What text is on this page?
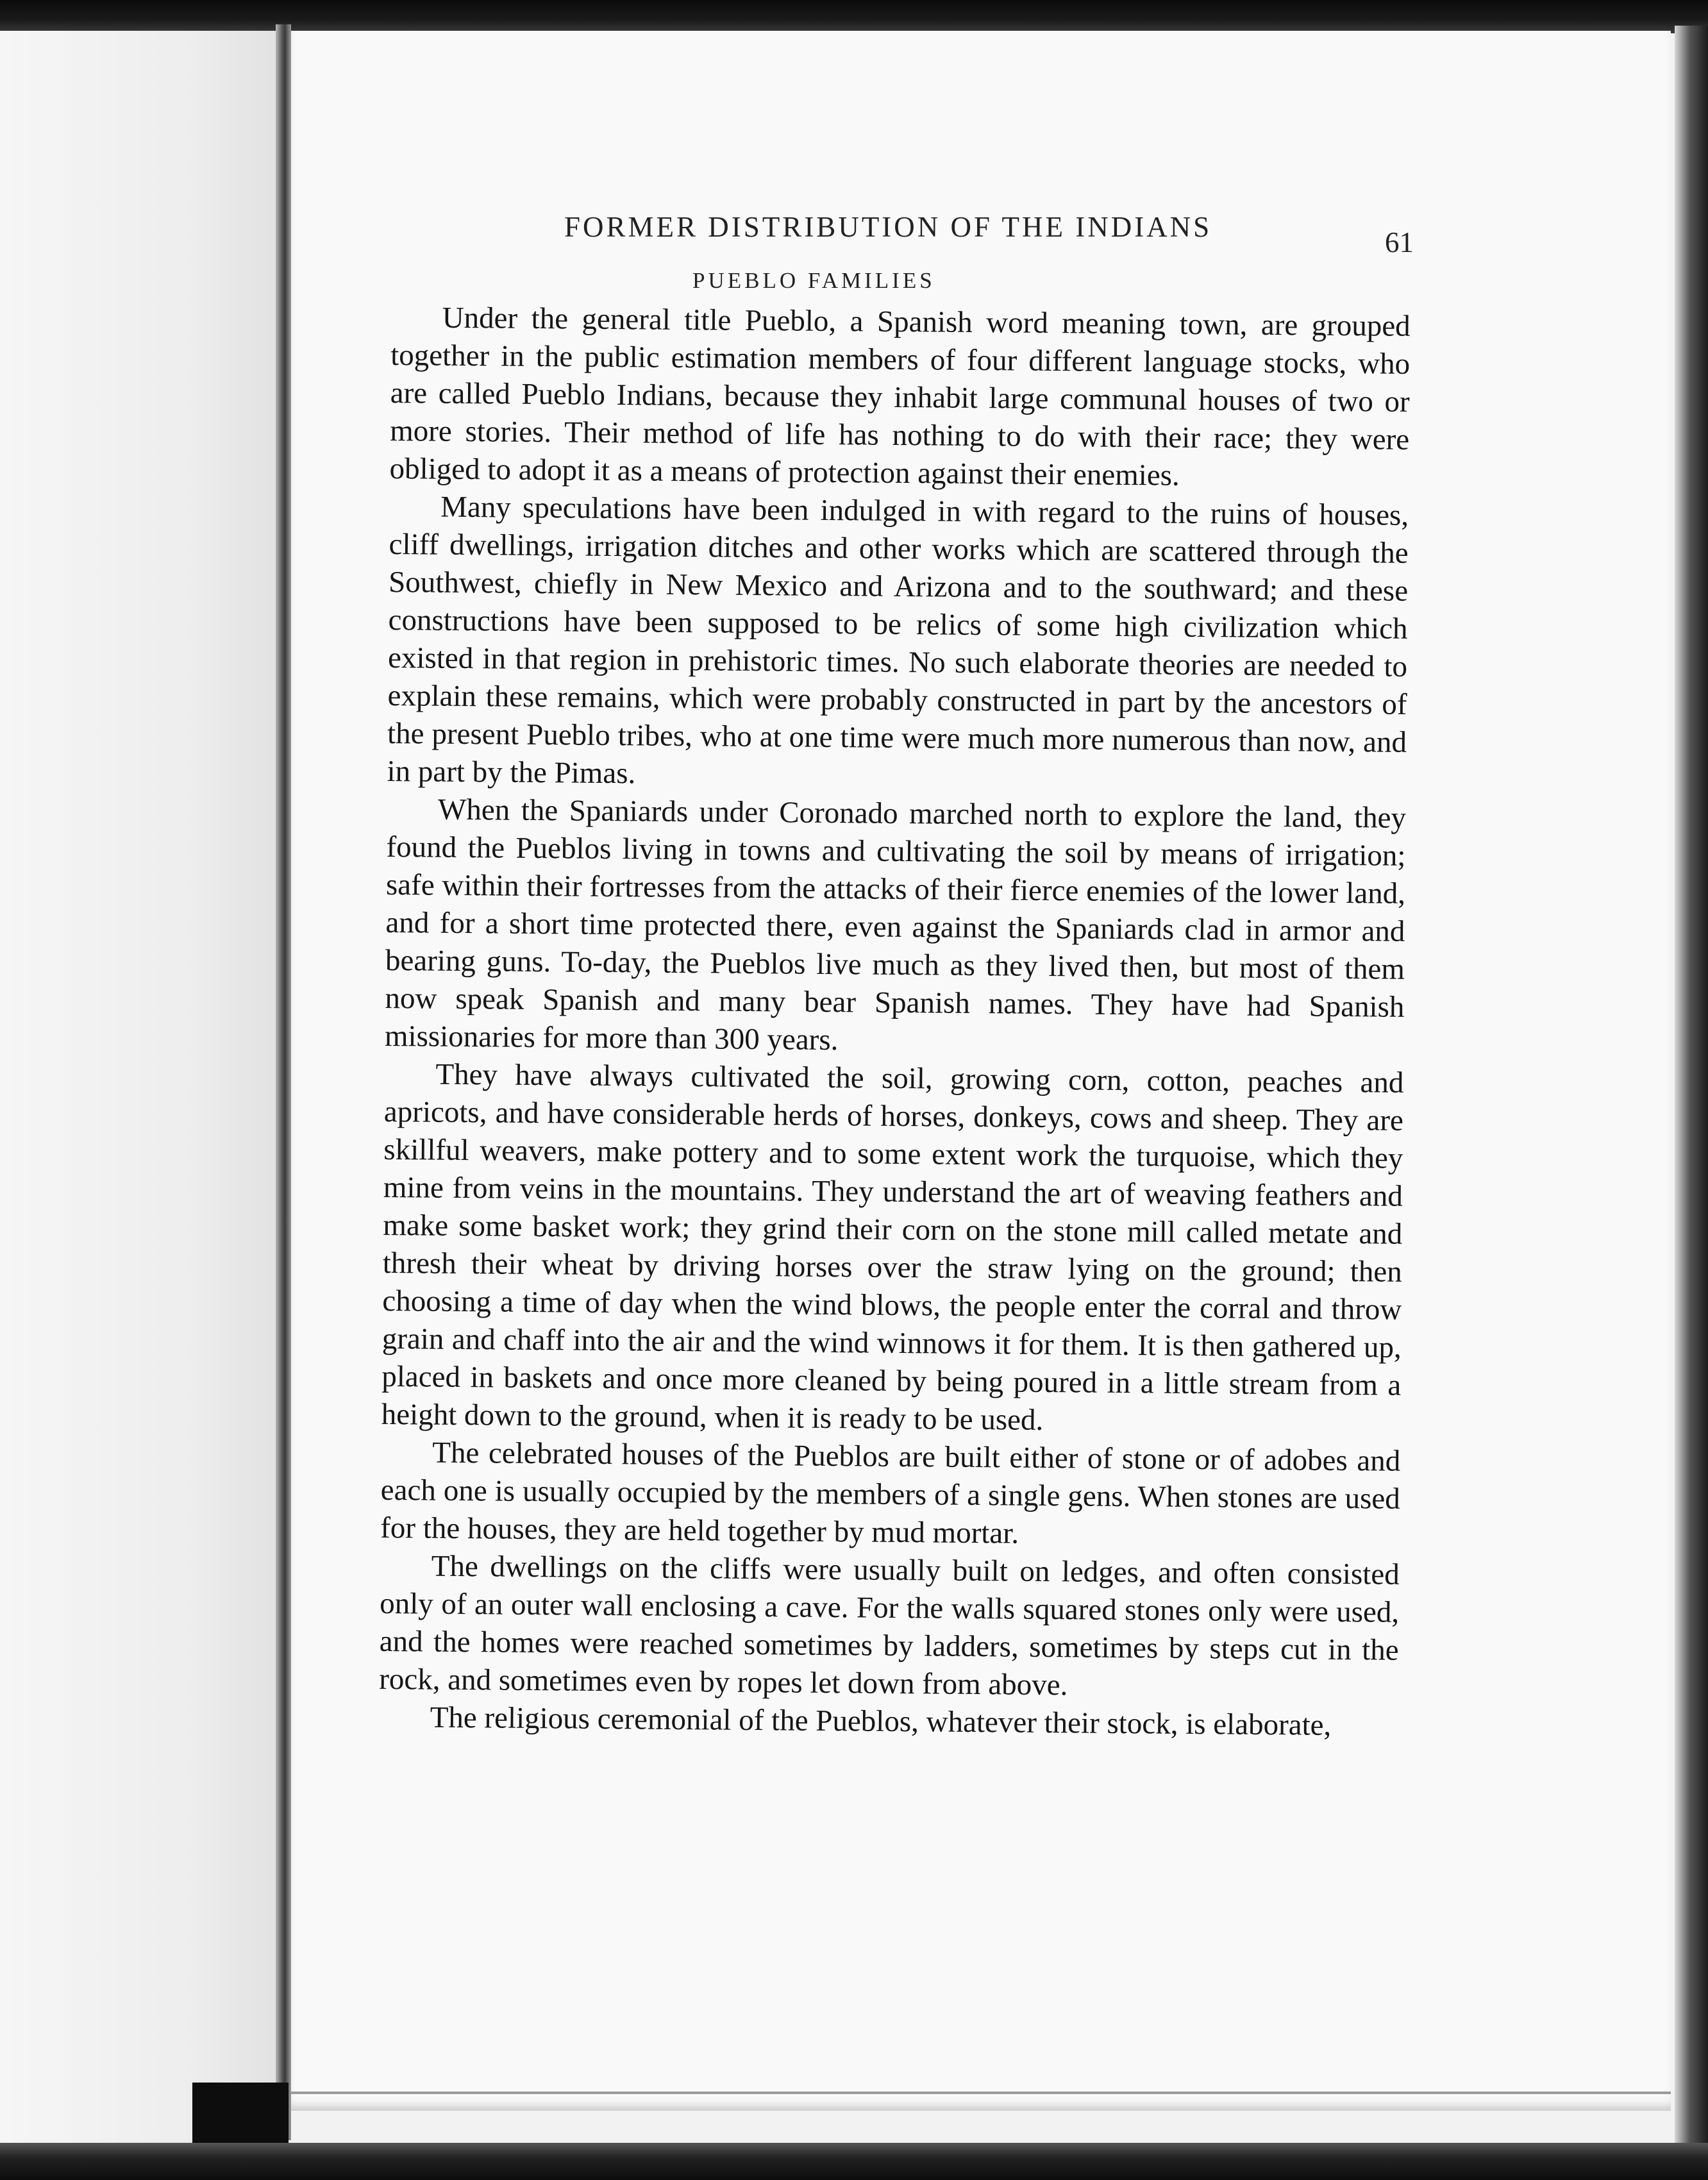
FORMER DISTRIBUTION OF THE INDIANS	61
PUEBLO FAMILIES

Under the general title Pueblo, a Spanish word meaning town, are grouped together in the public estimation members of four different language stocks, who are called Pueblo Indians, because they inhabit large communal houses of two or more stories. Their method of life has nothing to do with their race; they were obliged to adopt it as a means of protection against their enemies.

Many speculations have been indulged in with regard to the ruins of houses, cliff dwellings, irrigation ditches and other works which are scattered through the Southwest, chiefly in New Mexico and Arizona and to the southward; and these constructions have been supposed to be relics of some high civilization which existed in that region in prehistoric times. No such elaborate theories are needed to explain these remains, which were probably constructed in part by the ancestors of the present Pueblo tribes, who at one time were much more numerous than now, and in part by the Pimas.

When the Spaniards under Coronado marched north to explore the land, they found the Pueblos living in towns and cultivating the soil by means of irrigation; safe within their fortresses from the attacks of their fierce enemies of the lower land, and for a short time protected there, even against the Spaniards clad in armor and bearing guns. To-day, the Pueblos live much as they lived then, but most of them now speak Spanish and many bear Spanish names. They have had Spanish missionaries for more than 300 years.

They have always cultivated the soil, growing corn, cotton, peaches and apricots, and have considerable herds of horses, donkeys, cows and sheep. They are skillful weavers, make pottery and to some extent work the turquoise, which they mine from veins in the mountains. They understand the art of weaving feathers and make some basket work; they grind their corn on the stone mill called metate and thresh their wheat by driving horses over the straw lying on the ground; then choosing a time of day when the wind blows, the people enter the corral and throw grain and chaff into the air and the wind winnows it for them. It is then gathered up, placed in baskets and once more cleaned by being poured in a little stream from a height down to the ground, when it is ready to be used.

The celebrated houses of the Pueblos are built either of stone or of adobes and each one is usually occupied by the members of a single gens. When stones are used for the houses, they are held together by mud mortar.

The dwellings on the cliffs were usually built on ledges, and often consisted only of an outer wall enclosing a cave. For the walls squared stones only were used, and the homes were reached sometimes by ladders, sometimes by steps cut in the rock, and sometimes even by ropes let down from above.

The religious ceremonial of the Pueblos, whatever their stock, is elaborate,
